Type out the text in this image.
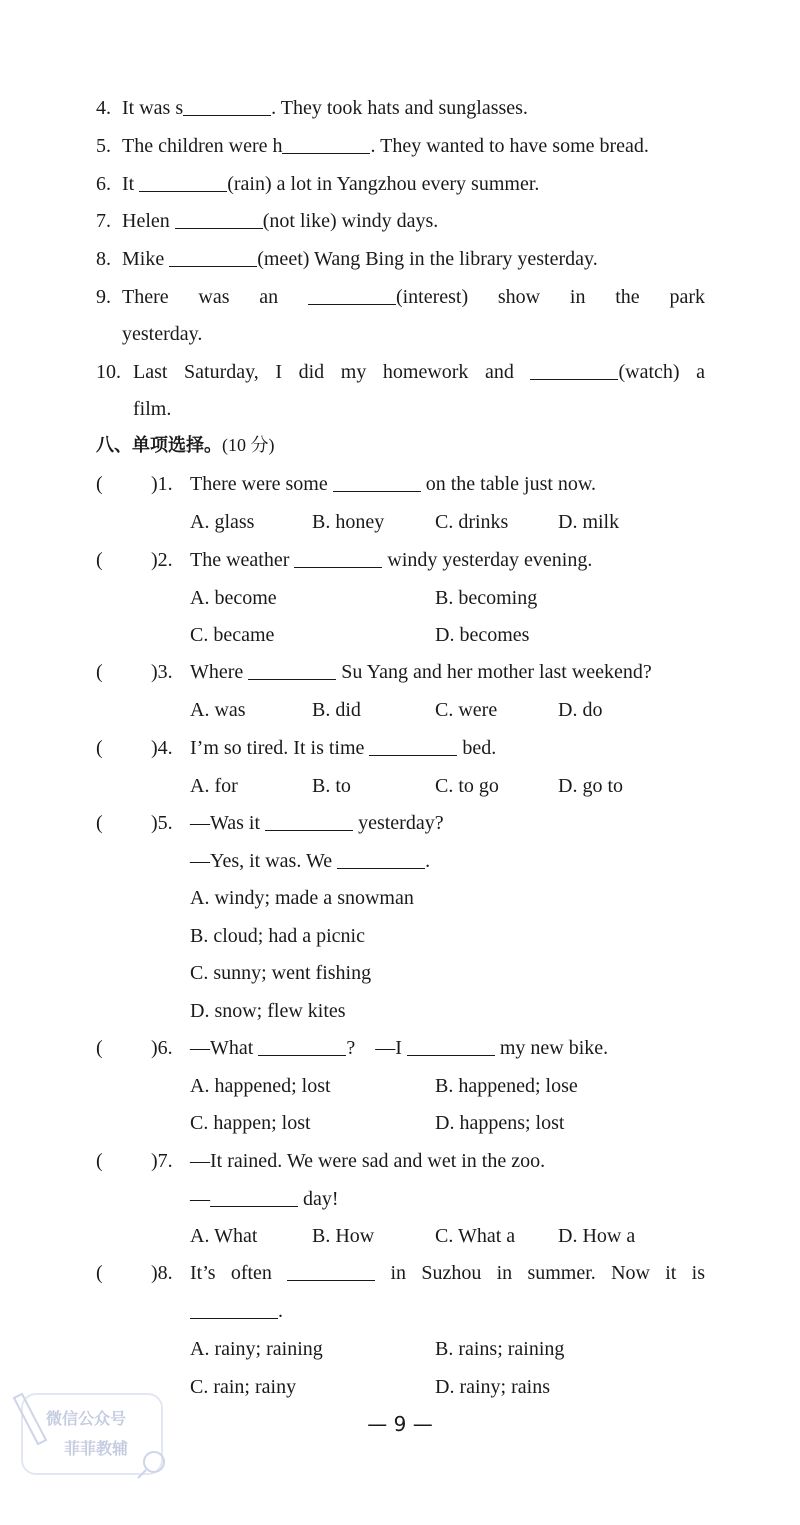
4. It was s	. They took hats and sunglasses.
5. The children were h	. They wanted to have some bread.
6. It	(rain) a lot in Yangzhou every summer.
7. Helen	(not like) windy days.
8. Mike	(meet) Wang Bing in the library yesterday.
9. There was an	(interest) show in the park
yesterday.
10. Last Saturday, I did my homework and	(watch) a
film.
八、单项选择。(10 分)
( )1. There were some	on the table just now.
A. glass	B. honey	C. drinks D. milk
( )2. The weather	windy yesterday evening.
A. become	B. becoming
C. became	D. becomes
( )3. Where	Su Yang and her mother last weekend?
A. was	B. did	C. were	D. do
( )4. I’m so tired. It is time	bed.
A. for	B. to	C. to go	D. go to
( )5. —Was it	yesterday?
—Yes, it was. We	.
A. windy; made a snowman
B. cloud; had a picnic
C. sunny; went fishing
D. snow; flew kites
( )6. —What	?    —I	my new bike.
A. happened; lost	B. happened; lose
C. happen; lost	D. happens; lost
( )7. —It rained. We were sad and wet in the zoo.
—	day!
A. What	B. How	C. What a D. How a
( )8. It’s often	in Suzhou in summer. Now it is
.
A. rainy; raining	B. rains; raining
C. rain; rainy	D. rainy; rains
— 9 —
微信公众号
菲菲教辅
